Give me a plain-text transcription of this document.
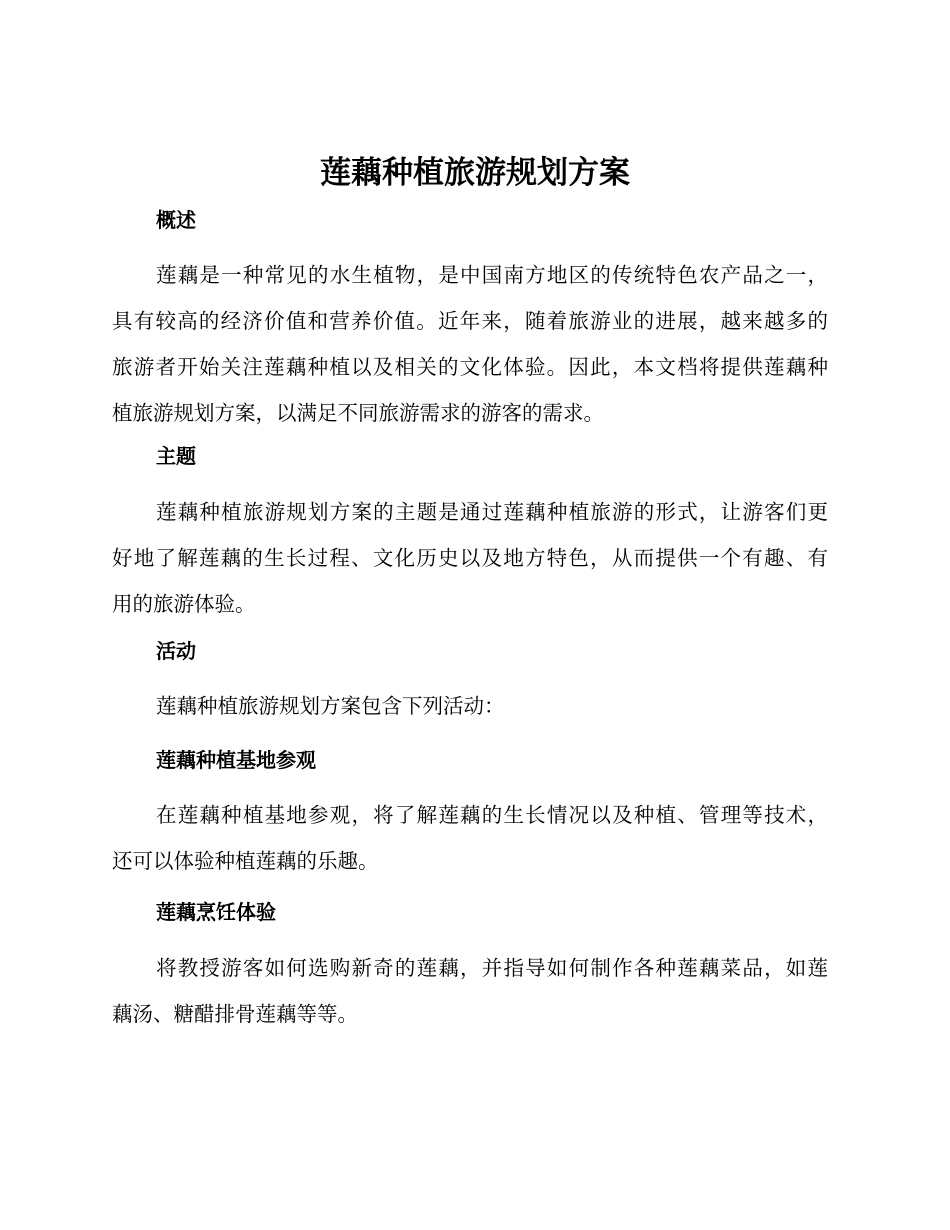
莲藕种植旅游规划方案
概述

莲藕是一种常见的水生植物，是中国南方地区的传统特色农产品之一，
具有较高的经济价值和营养价值。近年来，随着旅游业的进展，越来越多的
旅游者开始关注莲藕种植以及相关的文化体验。因此，本文档将提供莲藕种
植旅游规划方案，以满足不同旅游需求的游客的需求。

主题

莲藕种植旅游规划方案的主题是通过莲藕种植旅游的形式，让游客们更
好地了解莲藕的生长过程、文化历史以及地方特色，从而提供一个有趣、有
用的旅游体验。

活动

莲藕种植旅游规划方案包含下列活动：

莲藕种植基地参观

在莲藕种植基地参观，将了解莲藕的生长情况以及种植、管理等技术，
还可以体验种植莲藕的乐趣。

莲藕烹饪体验

将教授游客如何选购新奇的莲藕，并指导如何制作各种莲藕菜品，如莲
藕汤、糖醋排骨莲藕等等。
